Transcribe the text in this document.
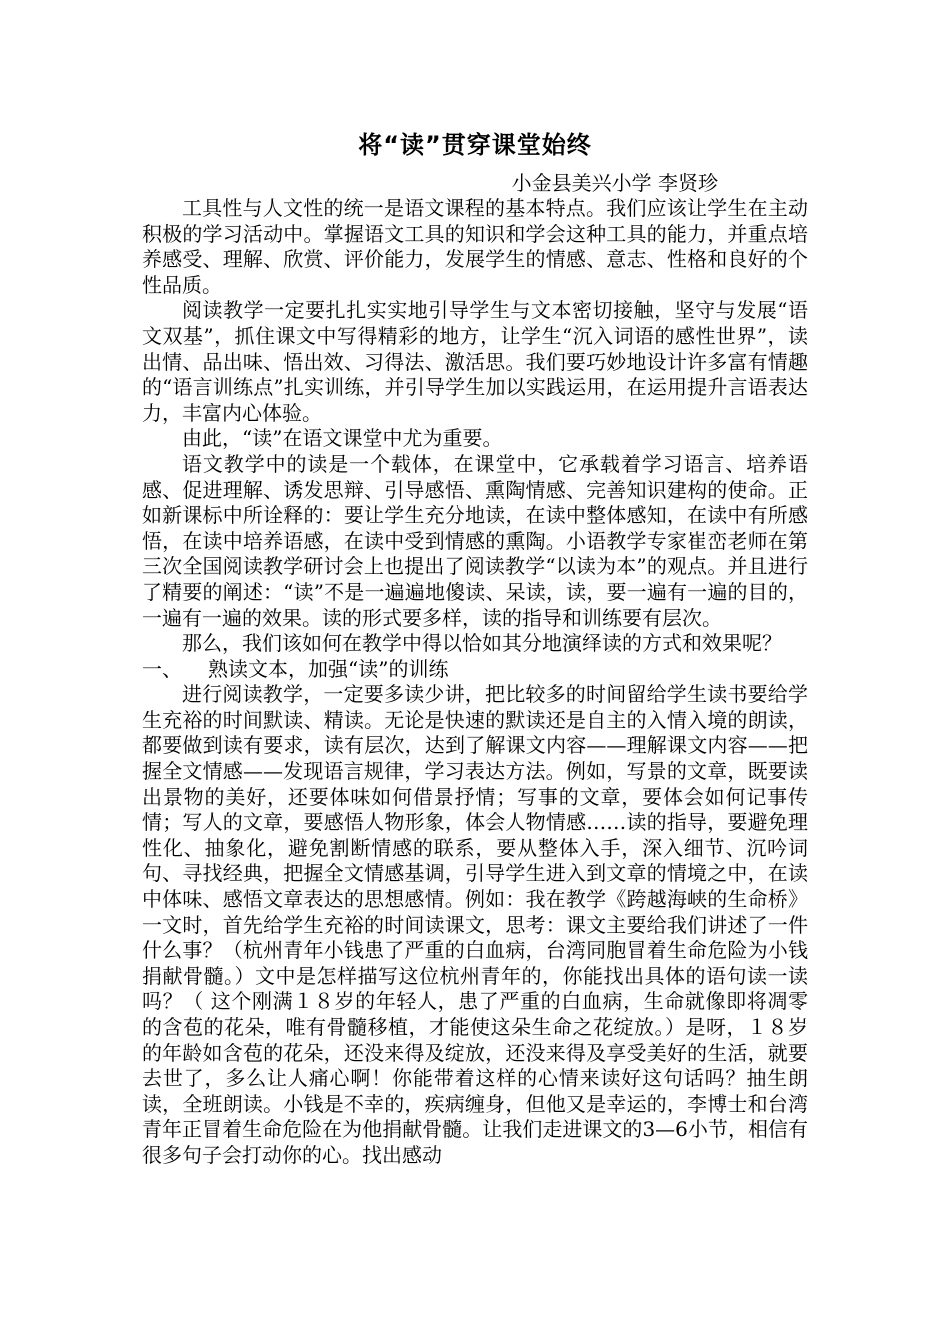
将“读”贯穿课堂始终

小金县美兴小学 李贤珍

工具性与人文性的统一是语文课程的基本特点。我们应该让学生在主动积极的学习活动中。掌握语文工具的知识和学会这种工具的能力，并重点培养感受、理解、欣赏、评价能力，发展学生的情感、意志、性格和良好的个性品质。

阅读教学一定要扎扎实实地引导学生与文本密切接触，坚守与发展“语文双基”，抓住课文中写得精彩的地方，让学生“沉入词语的感性世界”，读出情、品出味、悟出效、习得法、激活思。我们要巧妙地设计许多富有情趣的“语言训练点”扎实训练，并引导学生加以实践运用，在运用提升言语表达力，丰富内心体验。

由此，“读”在语文课堂中尤为重要。

语文教学中的读是一个载体，在课堂中，它承载着学习语言、培养语感、促进理解、诱发思辩、引导感悟、熏陶情感、完善知识建构的使命。正如新课标中所诠释的：要让学生充分地读，在读中整体感知，在读中有所感悟，在读中培养语感，在读中受到情感的熏陶。小语教学专家崔峦老师在第三次全国阅读教学研讨会上也提出了阅读教学“以读为本”的观点。并且进行了精要的阐述：“读”不是一遍遍地傻读、呆读，读，要一遍有一遍的目的，一遍有一遍的效果。读的形式要多样，读的指导和训练要有层次。

那么，我们该如何在教学中得以恰如其分地演绎读的方式和效果呢？

一、 熟读文本，加强“读”的训练

进行阅读教学，一定要多读少讲，把比较多的时间留给学生读书要给学生充裕的时间默读、精读。无论是快速的默读还是自主的入情入境的朗读，都要做到读有要求，读有层次，达到了解课文内容——理解课文内容——把握全文情感——发现语言规律，学习表达方法。例如，写景的文章，既要读出景物的美好，还要体味如何借景抒情；写事的文章，要体会如何记事传情；写人的文章，要感悟人物形象，体会人物情感……读的指导，要避免理性化、抽象化，避免割断情感的联系，要从整体入手，深入细节、沉吟词句、寻找经典，把握全文情感基调，引导学生进入到文章的情境之中，在读中体味、感悟文章表达的思想感情。例如：我在教学《跨越海峡的生命桥》一文时，首先给学生充裕的时间读课文，思考：课文主要给我们讲述了一件什么事？（杭州青年小钱患了严重的白血病，台湾同胞冒着生命危险为小钱捐献骨髓。）文中是怎样描写这位杭州青年的，你能找出具体的语句读一读吗？（ 这个刚满１８岁的年轻人，患了严重的白血病，生命就像即将凋零的含苞的花朵，唯有骨髓移植，才能使这朵生命之花绽放。）是呀，１８岁的年龄如含苞的花朵，还没来得及绽放，还没来得及享受美好的生活，就要去世了，多么让人痛心啊！你能带着这样的心情来读好这句话吗？抽生朗读，全班朗读。小钱是不幸的，疾病缠身，但他又是幸运的，李博士和台湾青年正冒着生命危险在为他捐献骨髓。让我们走进课文的3—6小节，相信有很多句子会打动你的心。找出感动
